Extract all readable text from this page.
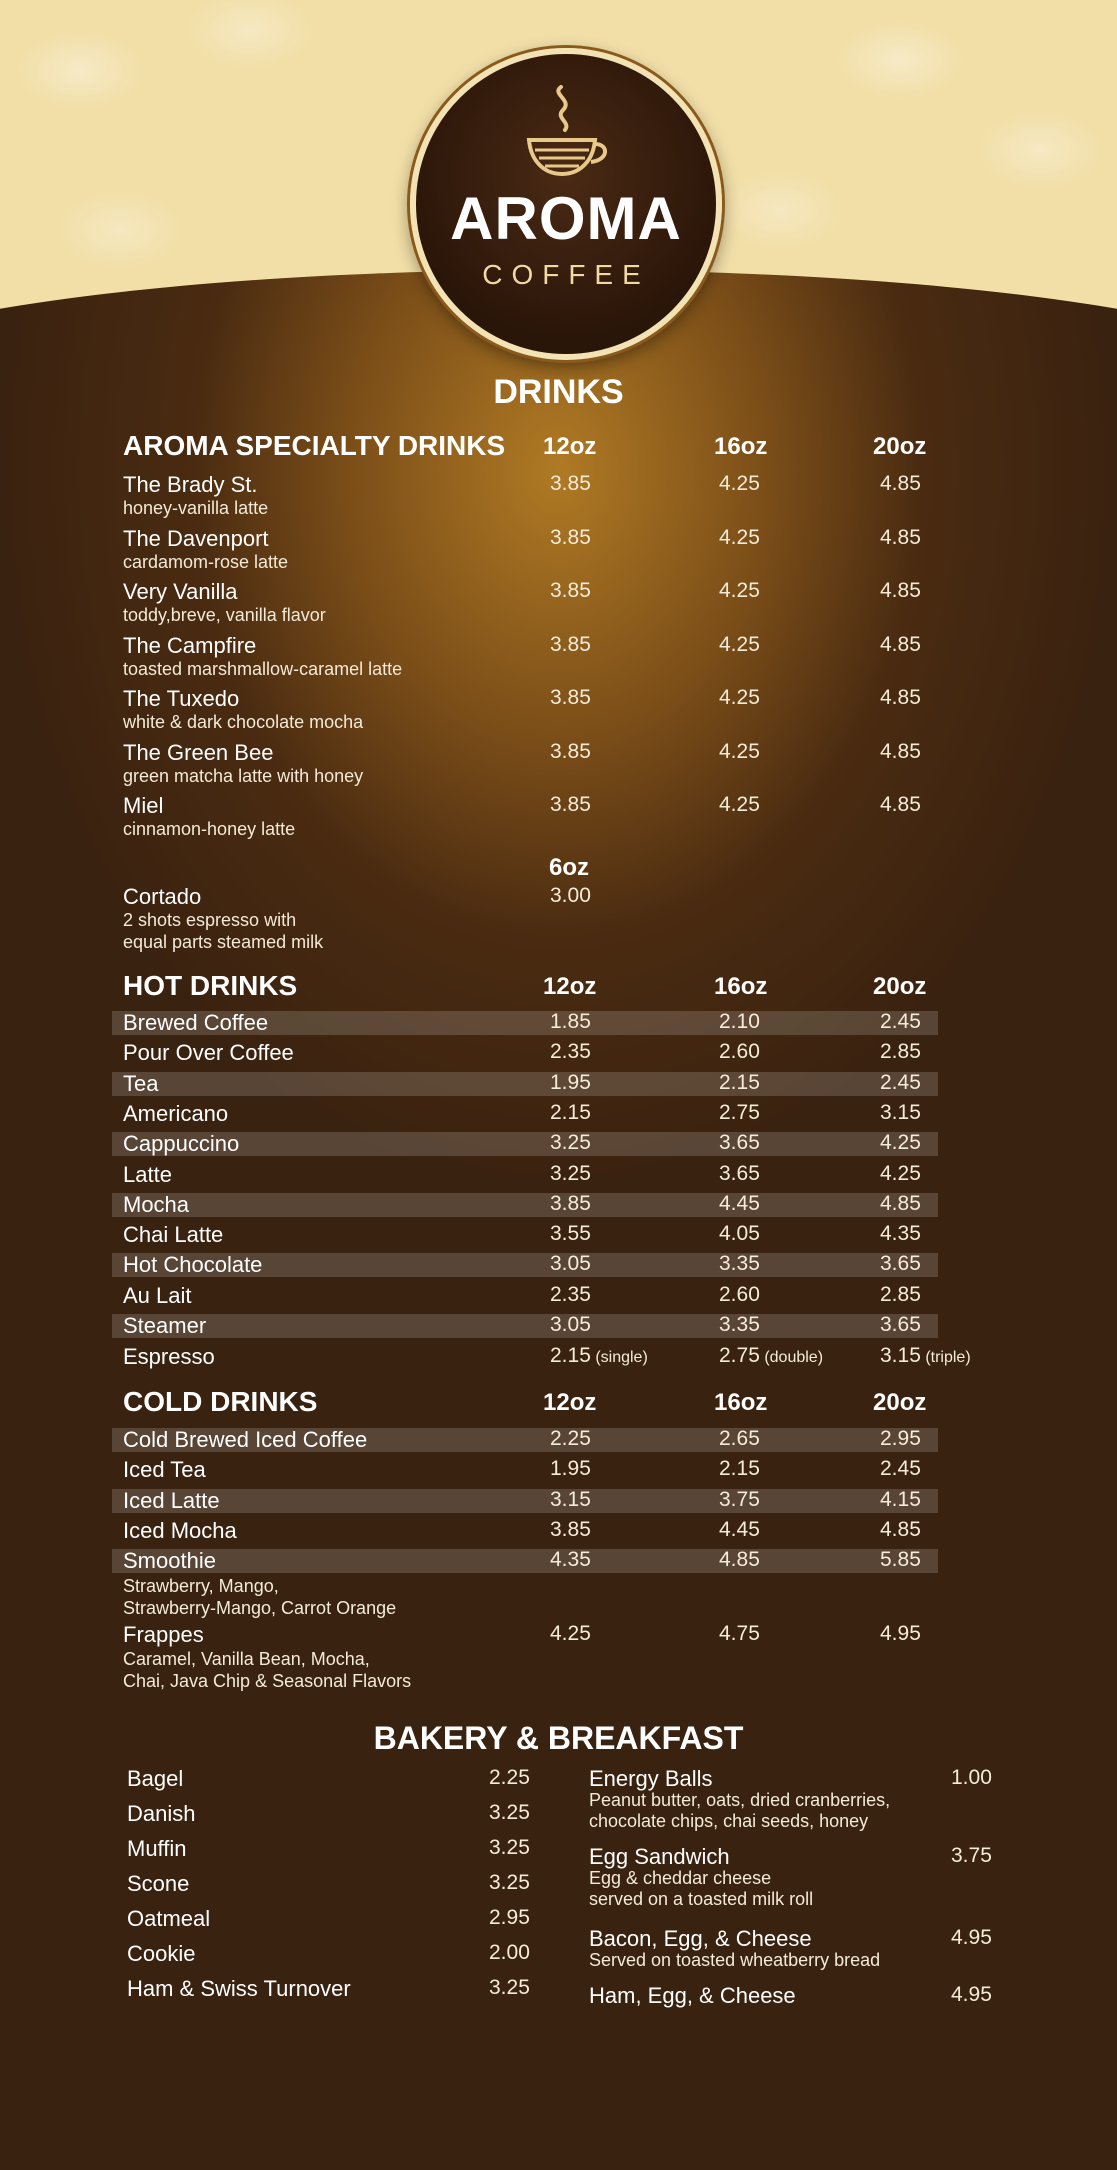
AROMA
COFFEE
DRINKS
AROMA SPECIALTY DRINKS 12oz	16oz	20oz
The Brady St.
honey-vanilla latte
3.85	4.25	4.85
The Davenport
cardamom-rose latte
3.85	4.25	4.85
Very Vanilla
toddy,breve, vanilla flavor
3.85	4.25	4.85
The Campfire
toasted marshmallow-caramel latte
3.85	4.25	4.85
The Tuxedo
white & dark chocolate mocha
3.85	4.25	4.85
The Green Bee
green matcha latte with honey
3.85	4.25	4.85
Miel
cinnamon-honey latte
3.85	4.25	4.85
6oz
Cortado
2 shots espresso with
equal parts steamed milk
3.00
HOT DRINKS	12oz	16oz	20oz
Brewed Coffee	1.85	2.10	2.45
Pour Over Coffee	2.35	2.60	2.85
Tea	1.95	2.15	2.45
Americano	2.15	2.75	3.15
Cappuccino	3.25	3.65	4.25
Latte	3.25	3.65	4.25
Mocha	3.85	4.45	4.85
Chai Latte	3.55	4.05	4.35
Hot Chocolate	3.05	3.35	3.65
Au Lait	2.35	2.60	2.85
Steamer	3.05	3.35	3.65
Espresso	2.15 (single)	2.75 (double)	3.15 (triple)
COLD DRINKS	12oz	16oz	20oz
Cold Brewed Iced Coffee	2.25	2.65	2.95
Iced Tea	1.95	2.15	2.45
Iced Latte	3.15	3.75	4.15
Iced Mocha	3.85	4.45	4.85
Smoothie	4.35	4.85	5.85
Strawberry, Mango,
Strawberry-Mango, Carrot Orange
Frappes	4.25	4.75	4.95
Caramel, Vanilla Bean, Mocha,
Chai, Java Chip & Seasonal Flavors
BAKERY & BREAKFAST
Bagel	2.25
Danish	3.25
Muffin	3.25
Scone	3.25
Oatmeal	2.95
Cookie	2.00
Ham & Swiss Turnover	3.25
Energy Balls	1.00
Peanut butter, oats, dried cranberries,
chocolate chips, chai seeds, honey
Egg Sandwich	3.75
Egg & cheddar cheese
served on a toasted milk roll
Bacon, Egg, & Cheese	4.95
Served on toasted wheatberry bread
Ham, Egg, & Cheese	4.95
